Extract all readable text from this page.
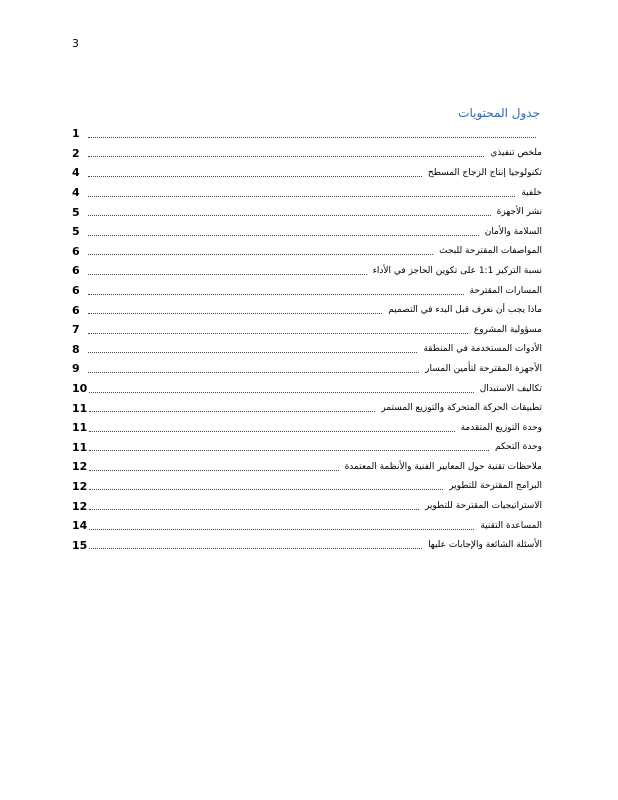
3
جدول المحتويات
1
ملخص تنفيذي
2
تكنولوجيا إنتاج الزجاج المسطح
4
خلفية
4
نشر الأجهزة
5
السلامة والأمان
5
المواصفات المقترحة للبحث
6
نسبة التركيز 1:1 على تكوين الحاجز في الأداء
6
المسارات المقترحة
6
ماذا يجب أن نعرف قبل البدء في التصميم
6
مسؤولية المشروع
7
الأدوات المستخدمة في المنطقة
8
الأجهزة المقترحة لتأمين المسار
9
تكاليف الاستبدال
10
تطبيقات الحركة المتحركة والتوزيع المستمر
11
وحدة التوزيع المتقدمة
11
وحدة التحكم
11
ملاحظات تقنية حول المعايير الفنية والأنظمة المعتمدة
12
البرامج المقترحة للتطوير
12
الاستراتيجيات المقترحة للتطوير
12
المساعدة التقنية
14
الأسئلة الشائعة والإجابات عليها
15
